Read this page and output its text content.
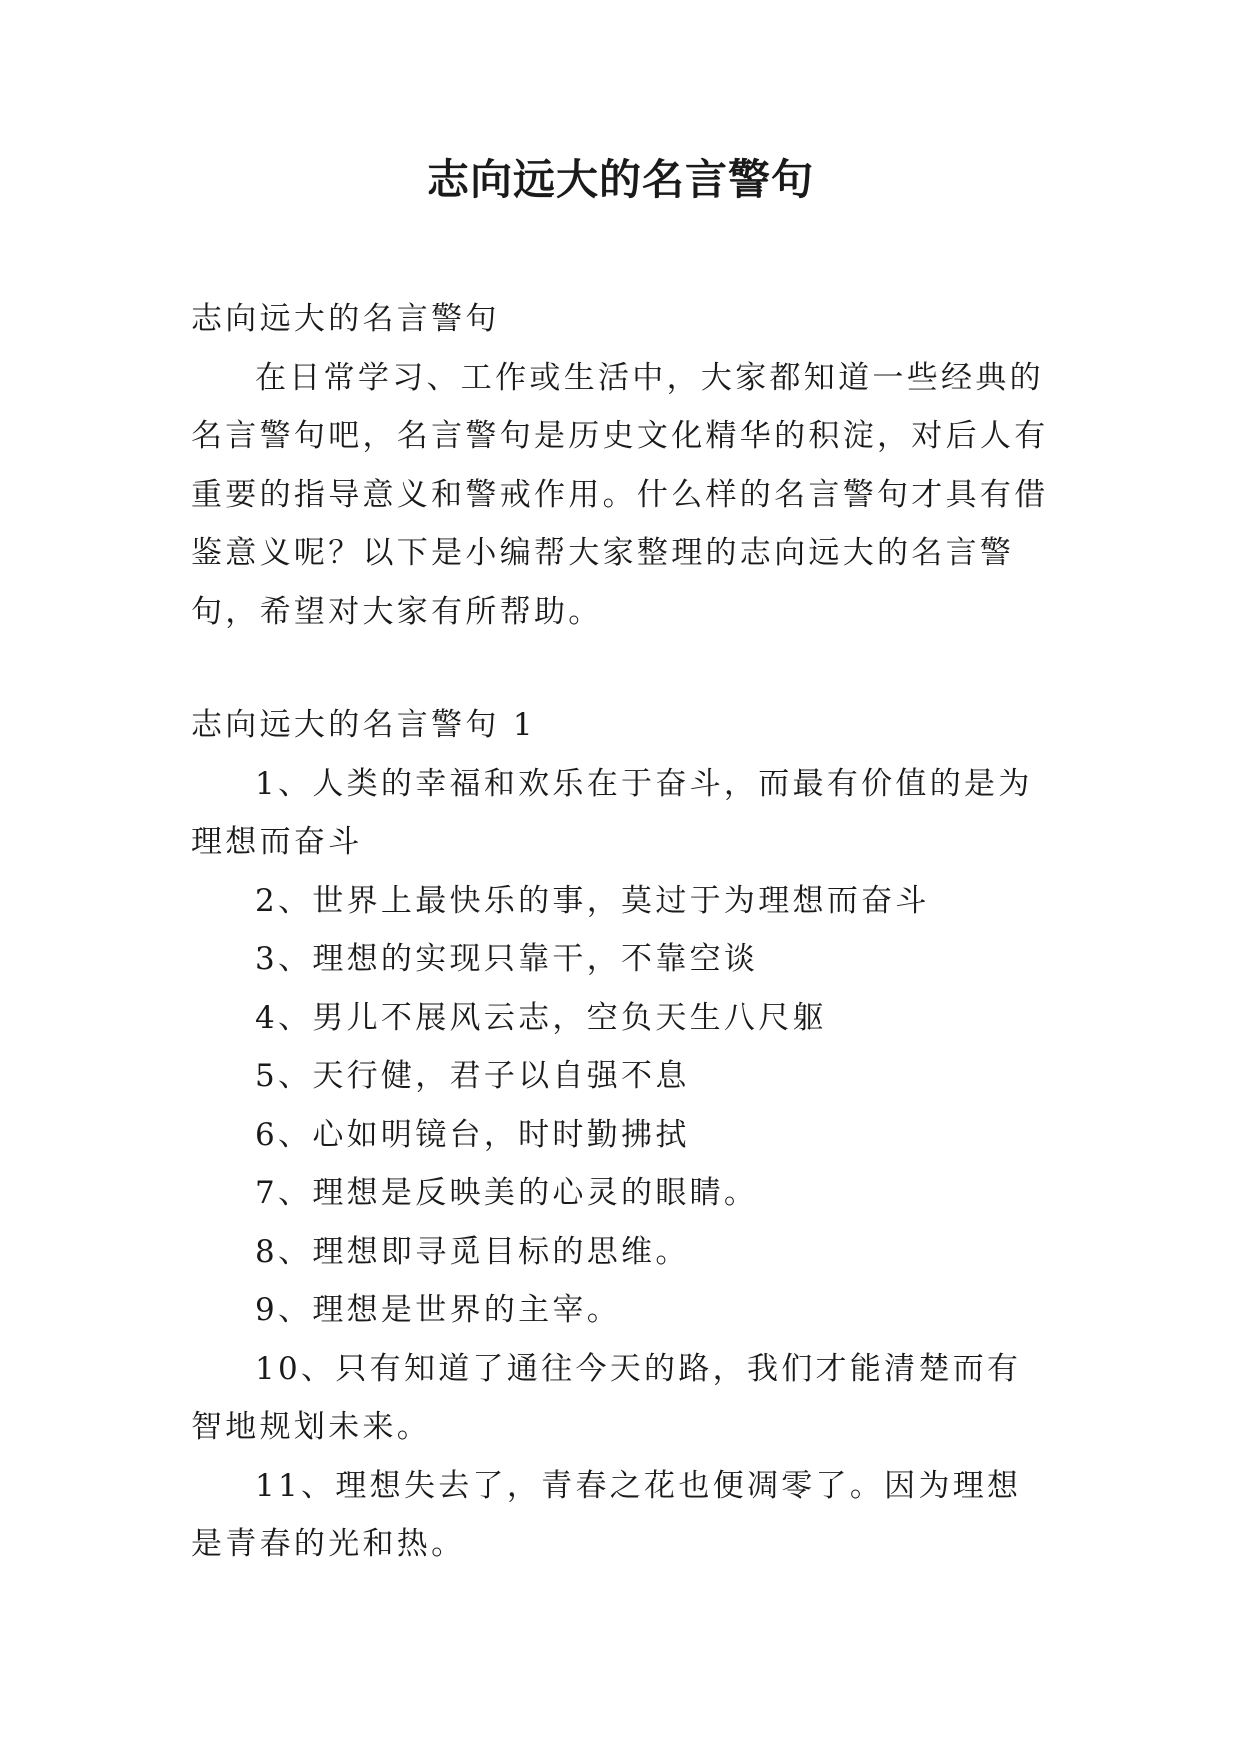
志向远大的名言警句

志向远大的名言警句

在日常学习、工作或生活中，大家都知道一些经典的名言警句吧，名言警句是历史文化精华的积淀，对后人有重要的指导意义和警戒作用。什么样的名言警句才具有借鉴意义呢？以下是小编帮大家整理的志向远大的名言警句，希望对大家有所帮助。

志向远大的名言警句 1

1、人类的幸福和欢乐在于奋斗，而最有价值的是为理想而奋斗

2、世界上最快乐的事，莫过于为理想而奋斗

3、理想的实现只靠干，不靠空谈

4、男儿不展风云志，空负天生八尺躯

5、天行健，君子以自强不息

6、心如明镜台，时时勤拂拭

7、理想是反映美的心灵的眼睛。

8、理想即寻觅目标的思维。

9、理想是世界的主宰。

10、只有知道了通往今天的路，我们才能清楚而有智地规划未来。

11、理想失去了，青春之花也便凋零了。因为理想是青春的光和热。
